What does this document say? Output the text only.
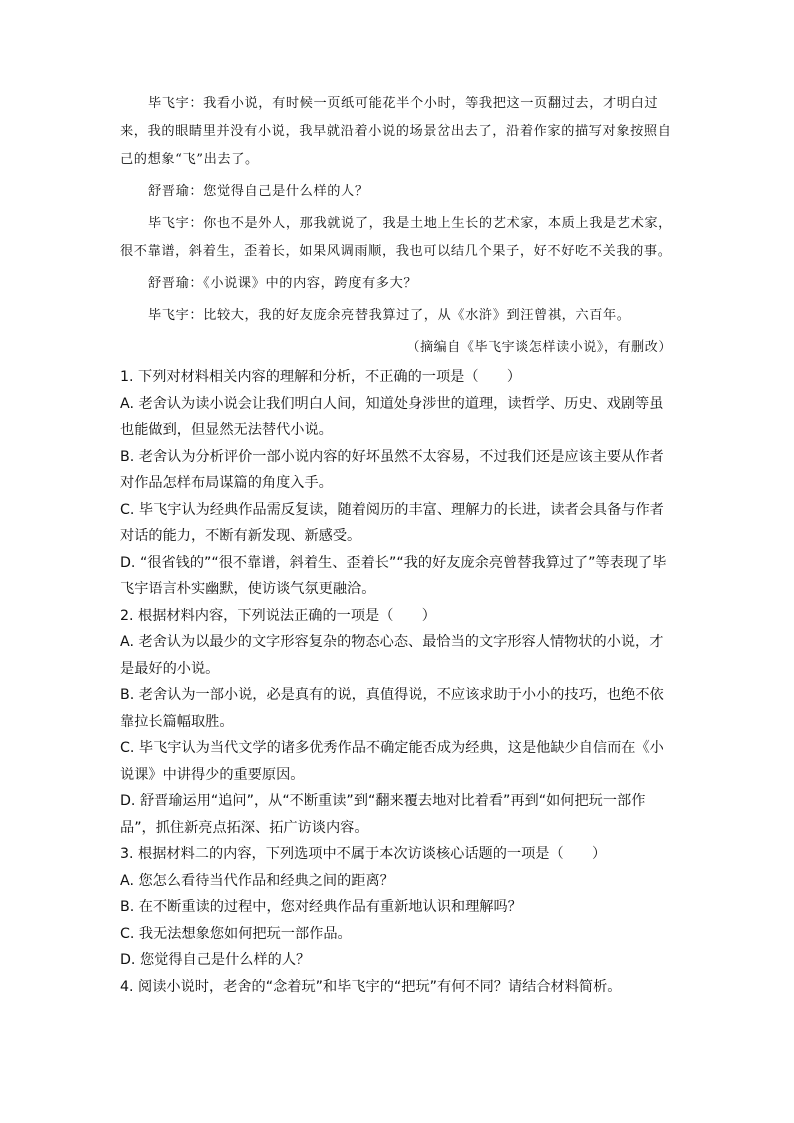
毕飞宇：我看小说，有时候一页纸可能花半个小时，等我把这一页翻过去，才明白过来，我的眼睛里并没有小说，我早就沿着小说的场景岔出去了，沿着作家的描写对象按照自己的想象“飞”出去了。

舒晋瑜：您觉得自己是什么样的人？

毕飞宇：你也不是外人，那我就说了，我是土地上生长的艺术家，本质上我是艺术家，很不靠谱，斜着生，歪着长，如果风调雨顺，我也可以结几个果子，好不好吃不关我的事。

舒晋瑜：《小说课》中的内容，跨度有多大？

毕飞宇：比较大，我的好友庞余亮替我算过了，从《水浒》到汪曾祺，六百年。

（摘编自《毕飞宇谈怎样读小说》，有删改）

1. 下列对材料相关内容的理解和分析，不正确的一项是（　　）

A. 老舍认为读小说会让我们明白人间，知道处身涉世的道理，读哲学、历史、戏剧等虽也能做到，但显然无法替代小说。

B. 老舍认为分析评价一部小说内容的好坏虽然不太容易，不过我们还是应该主要从作者对作品怎样布局谋篇的角度入手。

C. 毕飞宇认为经典作品需反复读，随着阅历的丰富、理解力的长进，读者会具备与作者对话的能力，不断有新发现、新感受。

D. “很省钱的”“很不靠谱，斜着生、歪着长”“我的好友庞余亮曾替我算过了”等表现了毕飞宇语言朴实幽默，使访谈气氛更融洽。

2. 根据材料内容，下列说法正确的一项是（　　）

A. 老舍认为以最少的文字形容复杂的物态心态、最恰当的文字形容人情物状的小说，才是最好的小说。

B. 老舍认为一部小说，必是真有的说，真值得说，不应该求助于小小的技巧，也绝不依靠拉长篇幅取胜。

C. 毕飞宇认为当代文学的诸多优秀作品不确定能否成为经典，这是他缺少自信而在《小说课》中讲得少的重要原因。

D. 舒晋瑜运用“追问”，从“不断重读”到“翻来覆去地对比着看”再到“如何把玩一部作品”，抓住新亮点拓深、拓广访谈内容。

3. 根据材料二的内容，下列选项中不属于本次访谈核心话题的一项是（　　）

A. 您怎么看待当代作品和经典之间的距离？

B. 在不断重读的过程中，您对经典作品有重新地认识和理解吗？

C. 我无法想象您如何把玩一部作品。

D. 您觉得自己是什么样的人？

4. 阅读小说时，老舍的“念着玩”和毕飞宇的“把玩”有何不同？请结合材料简析。
